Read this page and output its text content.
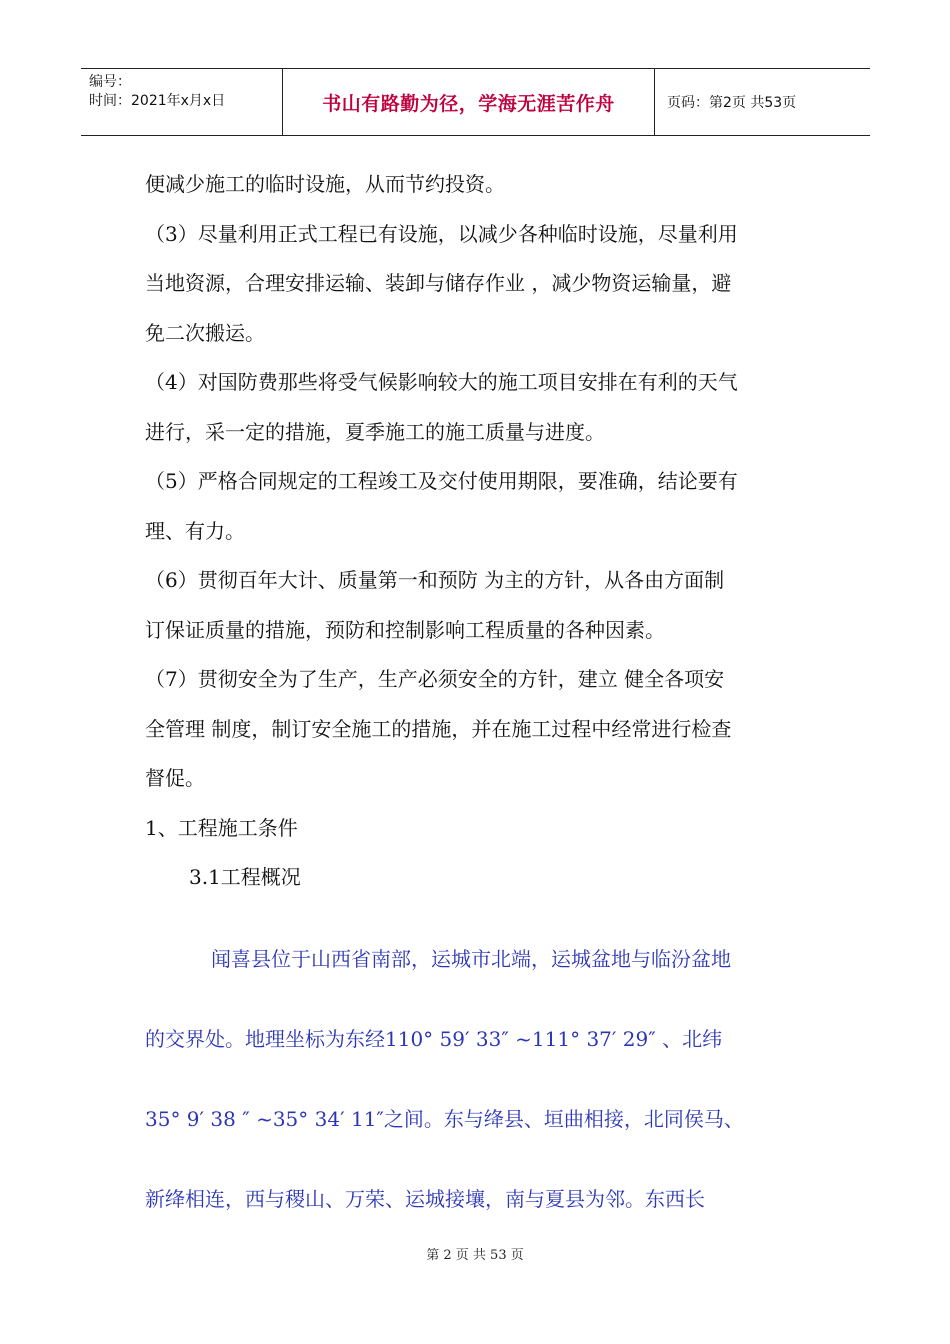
编号：
时间：2021年x月x日	书山有路勤为径，学海无涯苦作舟	页码：第2页 共53页
便减少施工的临时设施，从而节约投资。
（3）尽量利用正式工程已有设施，以减少各种临时设施，尽量利用
当地资源，合理安排运输、装卸与储存作业 ，减少物资运输量，避
免二次搬运。
（4）对国防费那些将受气候影响较大的施工项目安排在有利的天气
进行，采一定的措施，夏季施工的施工质量与进度。
（5）严格合同规定的工程竣工及交付使用期限，要准确，结论要有
理、有力。
（6）贯彻百年大计、质量第一和预防 为主的方针，从各由方面制
订保证质量的措施，预防和控制影响工程质量的各种因素。
（7）贯彻安全为了生产，生产必须安全的方针，建立 健全各项安
全管理 制度，制订安全施工的措施，并在施工过程中经常进行检查
督促。
1、工程施工条件
3.1工程概况
闻喜县位于山西省南部，运城市北端，运城盆地与临汾盆地
的交界处。地理坐标为东经110° 59′ 33″ ~111° 37′ 29″ 、北纬
35° 9′ 38 ″ ~35° 34′ 11″之间。东与绛县、垣曲相接，北同侯马、
新绛相连，西与稷山、万荣、运城接壤，南与夏县为邻。东西长
第 2 页 共 53 页
